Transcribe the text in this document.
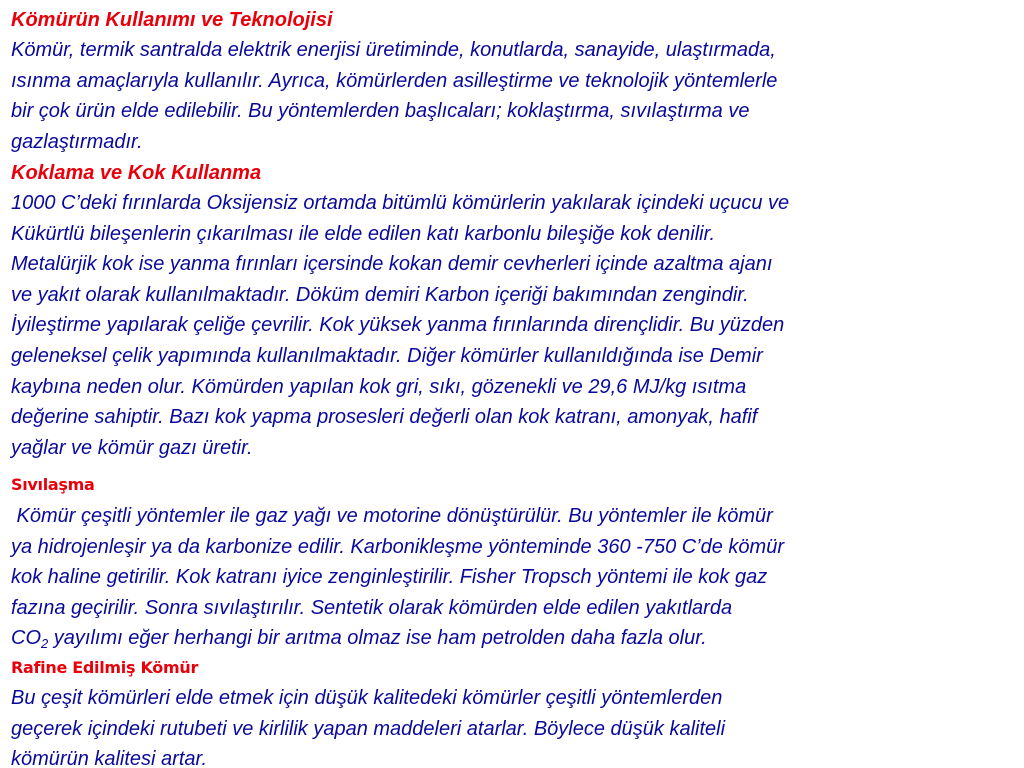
Kömürün Kullanımı ve Teknolojisi

Kömür, termik santralda elektrik enerjisi üretiminde, konutlarda, sanayide, ulaştırmada,
ısınma amaçlarıyla kullanılır. Ayrıca, kömürlerden asilleştirme ve teknolojik yöntemlerle
bir çok ürün elde edilebilir. Bu yöntemlerden başlıcaları; koklaştırma, sıvılaştırma ve
gazlaştırmadır.

Koklama ve Kok Kullanma

1000 C’deki fırınlarda Oksijensiz ortamda bitümlü kömürlerin yakılarak içindeki uçucu ve
Kükürtlü bileşenlerin çıkarılması ile elde edilen katı karbonlu bileşiğe kok denilir.
Metalürjik kok ise yanma fırınları içersinde kokan demir cevherleri içinde azaltma ajanı
ve yakıt olarak kullanılmaktadır. Döküm demiri Karbon içeriği bakımından zengindir.
İyileştirme yapılarak çeliğe çevrilir. Kok yüksek yanma fırınlarında dirençlidir. Bu yüzden
geleneksel çelik yapımında kullanılmaktadır. Diğer kömürler kullanıldığında ise Demir
kaybına neden olur. Kömürden yapılan kok gri, sıkı, gözenekli ve 29,6 MJ/kg ısıtma
değerine sahiptir. Bazı kok yapma prosesleri değerli olan kok katranı, amonyak, hafif
yağlar ve kömür gazı üretir.

Sıvılaşma

Kömür çeşitli yöntemler ile gaz yağı ve motorine dönüştürülür. Bu yöntemler ile kömür
ya hidrojenleşir ya da karbonize edilir. Karbonikleşme yönteminde 360 -750 C’de kömür
kok haline getirilir. Kok katranı iyice zenginleştirilir. Fisher Tropsch yöntemi ile kok gaz
fazına geçirilir. Sonra sıvılaştırılır. Sentetik olarak kömürden elde edilen yakıtlarda
$CO_2$ yayılımı eğer herhangi bir arıtma olmaz ise ham petrolden daha fazla olur.

Rafine Edilmiş Kömür

Bu çeşit kömürleri elde etmek için düşük kalitedeki kömürler çeşitli yöntemlerden
geçerek içindeki rutubeti ve kirlilik yapan maddeleri atarlar. Böylece düşük kaliteli
kömürün kalitesi artar.
